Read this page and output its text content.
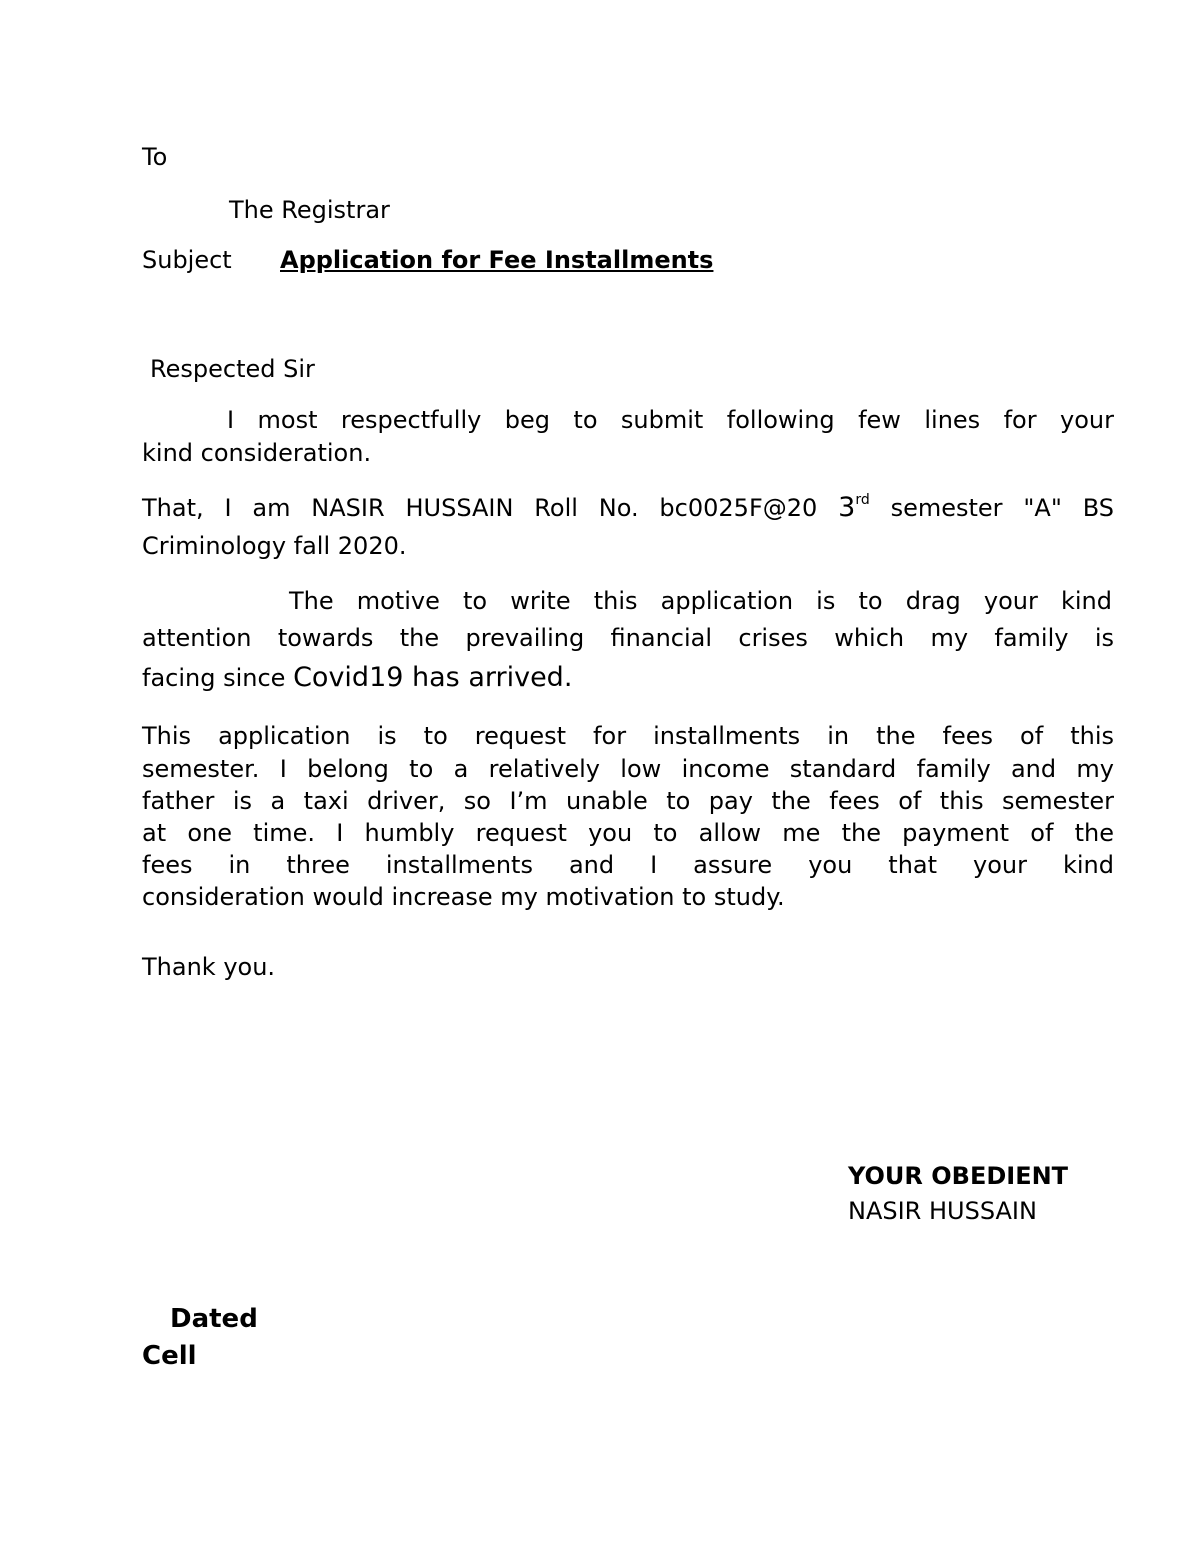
To
The Registrar
Subject Application for Fee Installments
Respected Sir
I most respectfully beg to submit following few lines for your
kind consideration.
That, I am NASIR HUSSAIN Roll No. bc0025F@20 3rd semester "A" BS
Criminology fall 2020.
The motive to write this application is to drag your kind
attention towards the prevailing financial crises which my family is
facing since Covid19 has arrived.
This application is to request for installments in the fees of this
semester. I belong to a relatively low income standard family and my
father is a taxi driver, so I’m unable to pay the fees of this semester
at one time. I humbly request you to allow me the payment of the
fees in three installments and I assure you that your kind
consideration would increase my motivation to study.
Thank you.
YOUR OBEDIENT
NASIR HUSSAIN
Dated
Cell
